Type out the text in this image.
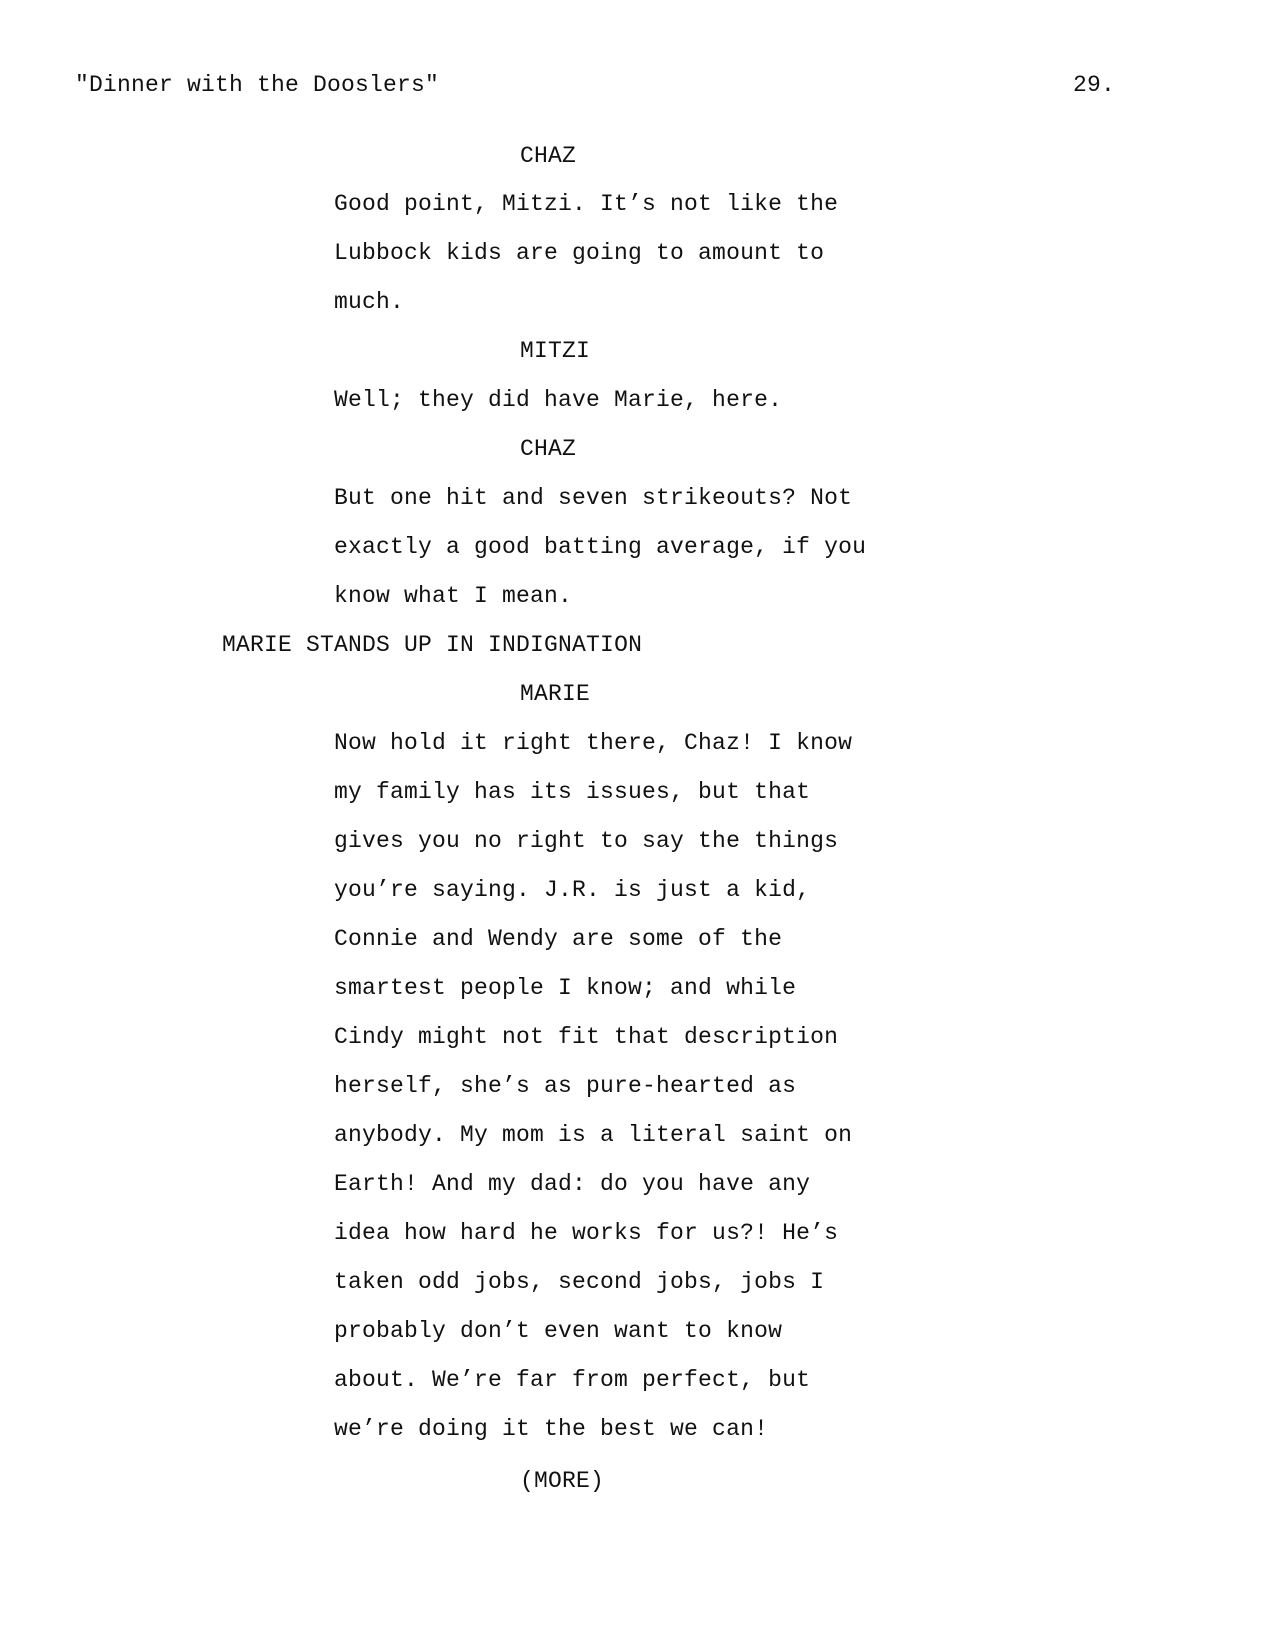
"Dinner with the Dooslers"	29.
CHAZ
Good point, Mitzi. It’s not like the
Lubbock kids are going to amount to
much.
MITZI
Well; they did have Marie, here.
CHAZ
But one hit and seven strikeouts? Not
exactly a good batting average, if you
know what I mean.
MARIE STANDS UP IN INDIGNATION
MARIE
Now hold it right there, Chaz! I know
my family has its issues, but that
gives you no right to say the things
you’re saying. J.R. is just a kid,
Connie and Wendy are some of the
smartest people I know; and while
Cindy might not fit that description
herself, she’s as pure-hearted as
anybody. My mom is a literal saint on
Earth! And my dad: do you have any
idea how hard he works for us?! He’s
taken odd jobs, second jobs, jobs I
probably don’t even want to know
about. We’re far from perfect, but
we’re doing it the best we can!
(MORE)
